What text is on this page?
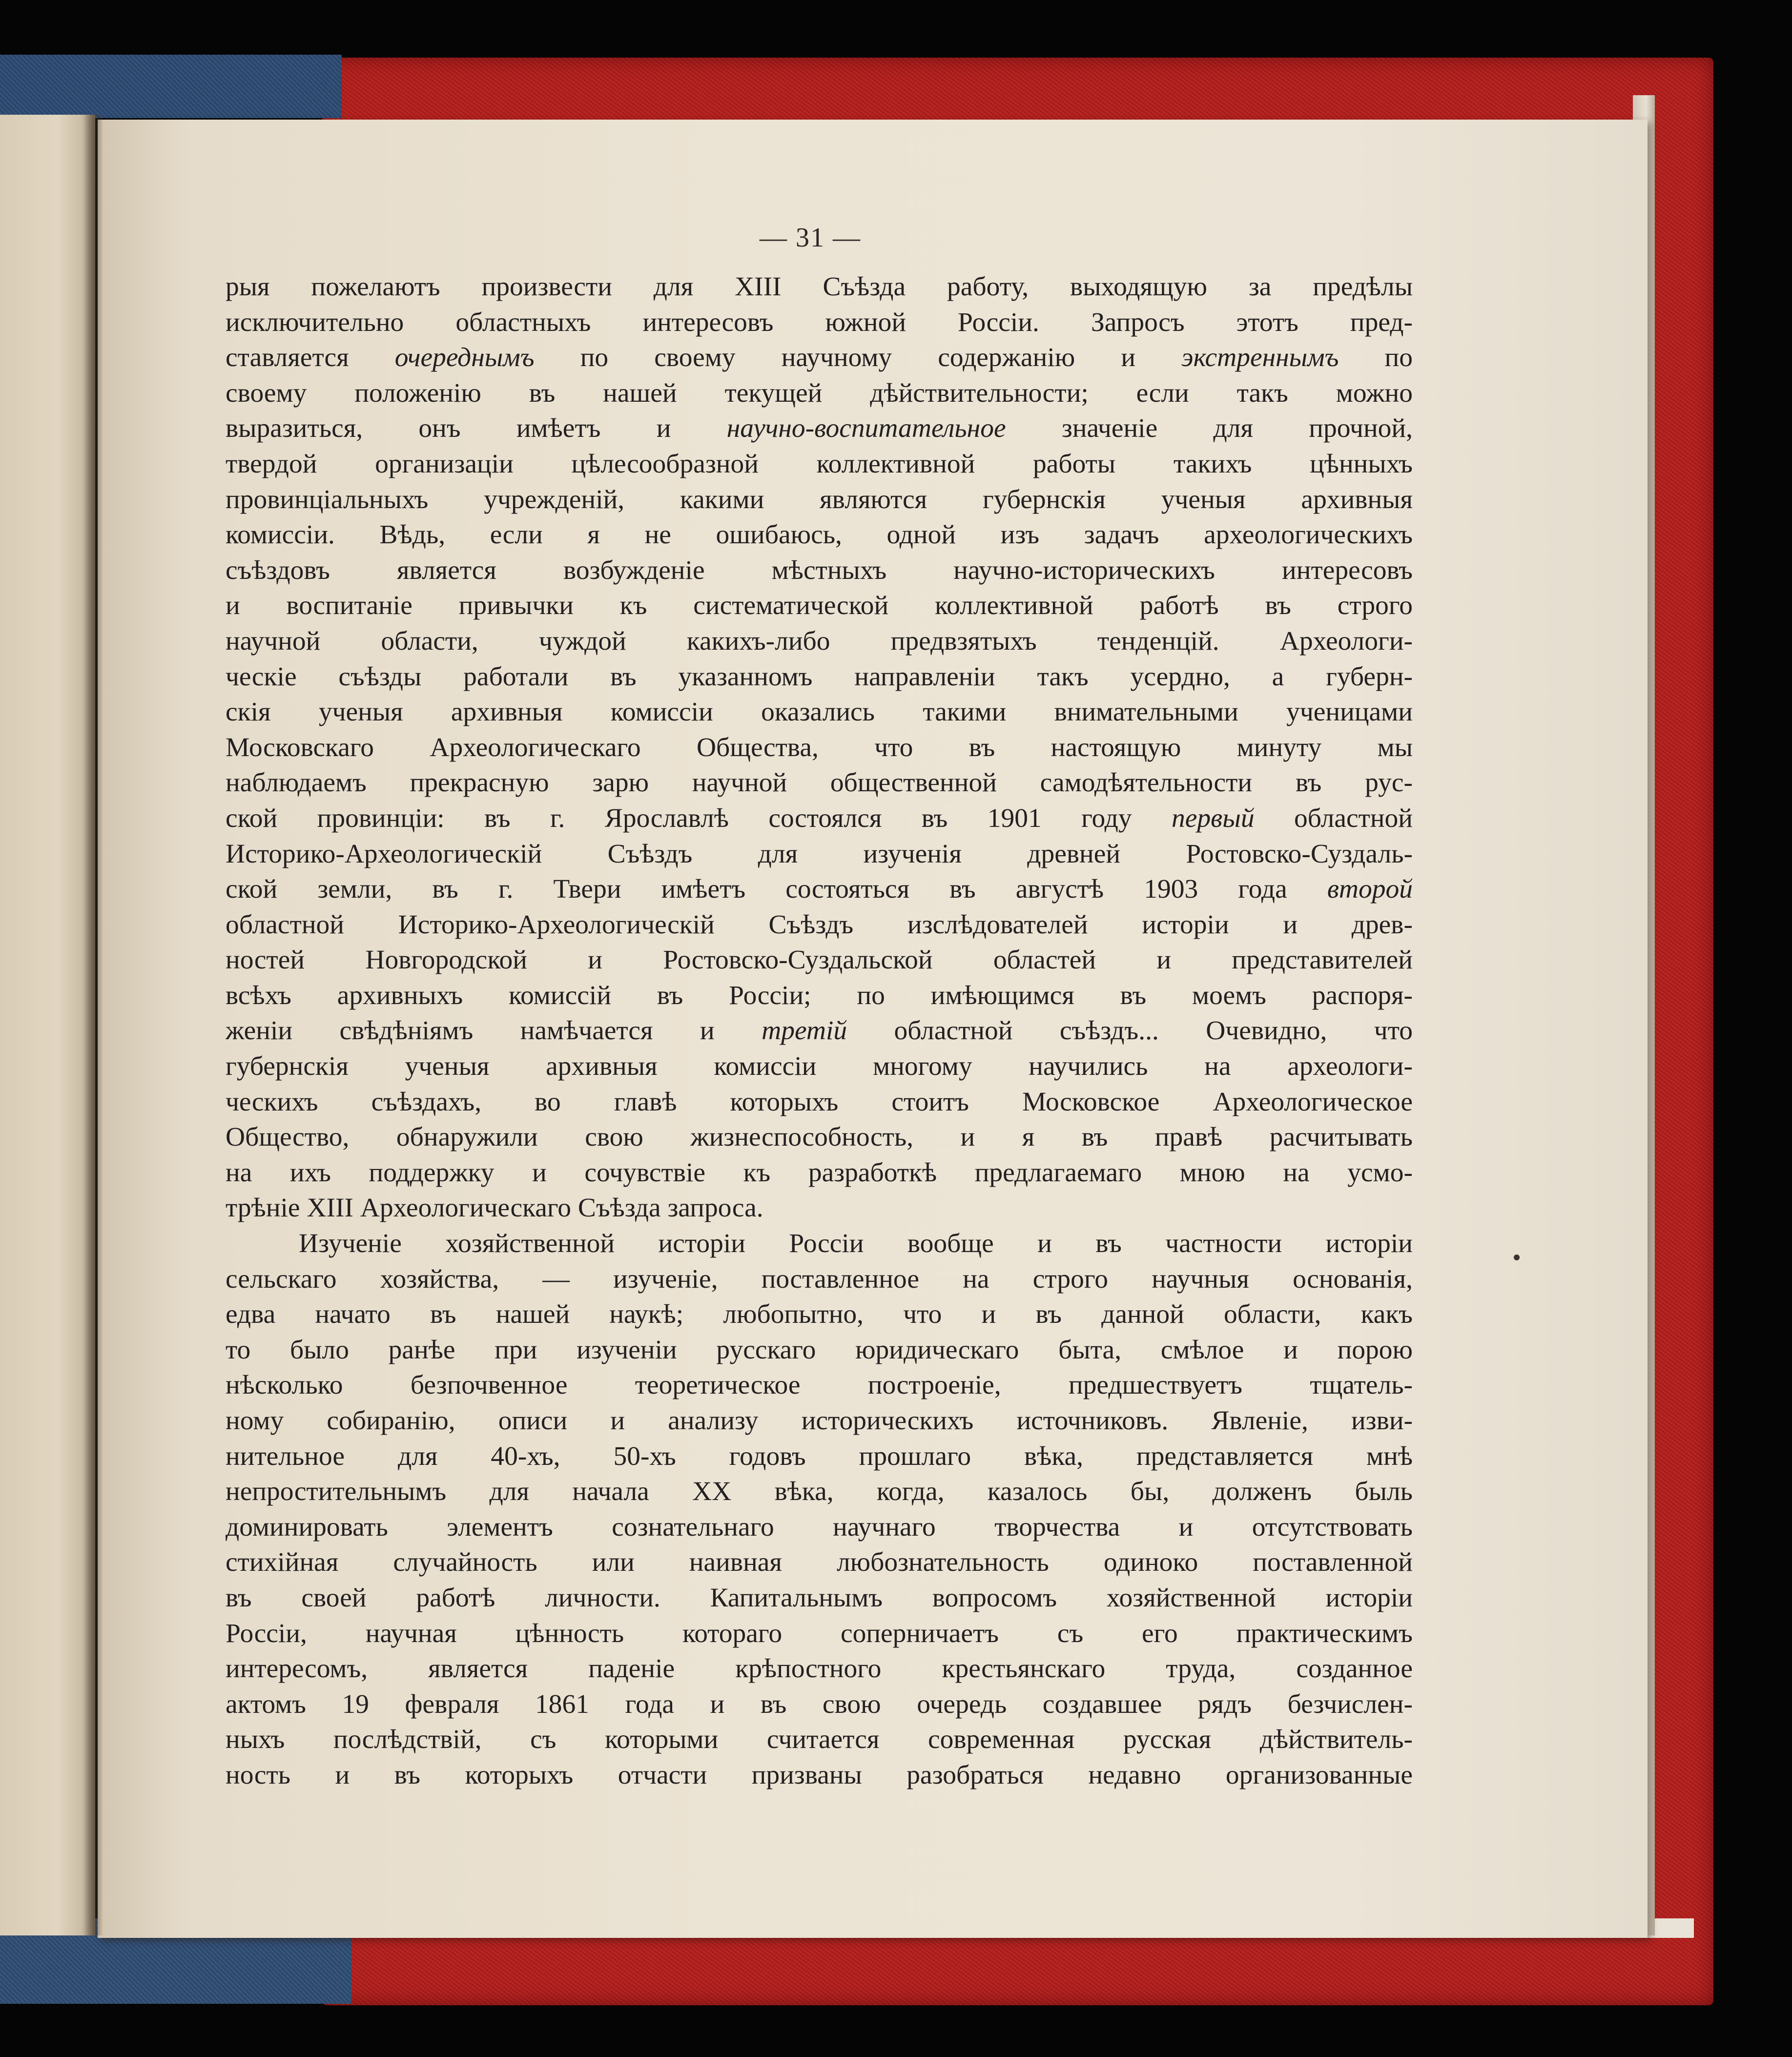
— 31 —
рыя пожелаютъ произвести для XIII Съѣзда работу, выходящую за предѣлы
исключительно областныхъ интересовъ южной Россіи. Запросъ этотъ пред-
ставляется очереднымъ по своему научному содержанію и экстреннымъ по
своему положенію въ нашей текущей дѣйствительности; если такъ можно
выразиться, онъ имѣетъ и научно-воспитательное значеніе для прочной,
твердой организаціи цѣлесообразной коллективной работы такихъ цѣнныхъ
провинціальныхъ учрежденій, какими являются губернскія ученыя архивныя
комиссіи. Вѣдь, если я не ошибаюсь, одной изъ задачъ археологическихъ
съѣздовъ является возбужденіе мѣстныхъ научно-историческихъ интересовъ
и воспитаніе привычки къ систематической коллективной работѣ въ строго
научной области, чуждой какихъ-либо предвзятыхъ тенденцій. Археологи-
ческіе съѣзды работали въ указанномъ направленіи такъ усердно, а губерн-
скія ученыя архивныя комиссіи оказались такими внимательными ученицами
Московскаго Археологическаго Общества, что въ настоящую минуту мы
наблюдаемъ прекрасную зарю научной общественной самодѣятельности въ рус-
ской провинціи: въ г. Ярославлѣ состоялся въ 1901 году первый областной
Историко-Археологическій Съѣздъ для изученія древней Ростовско-Суздаль-
ской земли, въ г. Твери имѣетъ состояться въ августѣ 1903 года второй
областной Историко-Археологическій Съѣздъ изслѣдователей исторіи и древ-
ностей Новгородской и Ростовско-Суздальской областей и представителей
всѣхъ архивныхъ комиссій въ Россіи; по имѣющимся въ моемъ распоря-
женіи свѣдѣніямъ намѣчается и третій областной съѣздъ... Очевидно, что
губернскія ученыя архивныя комиссіи многому научились на археологи-
ческихъ съѣздахъ, во главѣ которыхъ стоитъ Московское Археологическое
Общество, обнаружили свою жизнеспособность, и я въ правѣ расчитывать
на ихъ поддержку и сочувствіе къ разработкѣ предлагаемаго мною на усмо-
трѣніе XIII Археологическаго Съѣзда запроса.
Изученіе хозяйственной исторіи Россіи вообще и въ частности исторіи
сельскаго хозяйства, — изученіе, поставленное на строго научныя основанія,
едва начато въ нашей наукѣ; любопытно, что и въ данной области, какъ
то было ранѣе при изученіи русскаго юридическаго быта, смѣлое и порою
нѣсколько безпочвенное теоретическое построеніе, предшествуетъ тщатель-
ному собиранію, описи и анализу историческихъ источниковъ. Явленіе, изви-
нительное для 40-хъ, 50-хъ годовъ прошлаго вѣка, представляется мнѣ
непростительнымъ для начала XX вѣка, когда, казалось бы, долженъ быль
доминировать элементъ сознательнаго научнаго творчества и отсутствовать
стихійная случайность или наивная любознательность одиноко поставленной
въ своей работѣ личности. Капитальнымъ вопросомъ хозяйственной исторіи
Россіи, научная цѣнность котораго соперничаетъ съ его практическимъ
интересомъ, является паденіе крѣпостного крестьянскаго труда, созданное
актомъ 19 февраля 1861 года и въ свою очередь создавшее рядъ безчислен-
ныхъ послѣдствій, съ которыми считается современная русская дѣйствитель-
ность и въ которыхъ отчасти призваны разобраться недавно организованные
